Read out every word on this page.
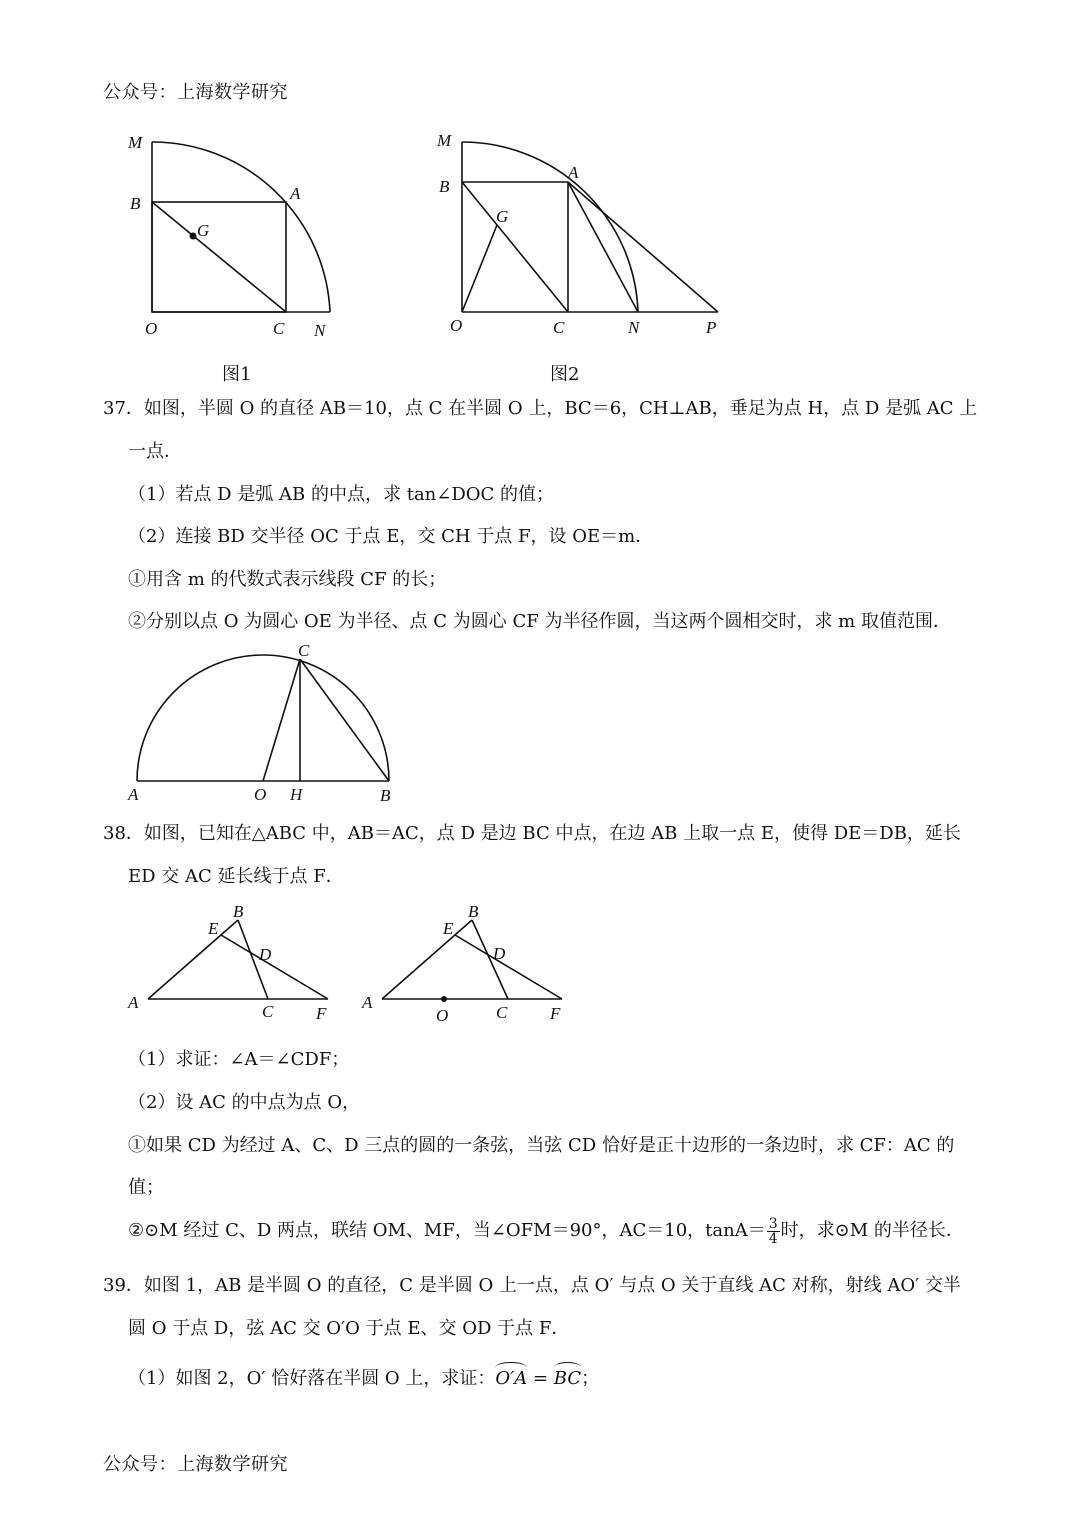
公众号：上海数学研究
M
B
A
G
O	C N
图1
M
B
A
G
O	C	N	P
图2
37．如图，半圆 O 的直径 AB＝10，点 C 在半圆 O 上，BC＝6，CH⊥AB，垂足为点 H，点 D 是弧 AC 上
一点．
（1）若点 D 是弧 AB 的中点，求 tan∠DOC 的值；
（2）连接 BD 交半径 OC 于点 E，交 CH 于点 F，设 OE＝m．
①用含 m 的代数式表示线段 CF 的长；
②分别以点 O 为圆心 OE 为半径、点 C 为圆心 CF 为半径作圆，当这两个圆相交时，求 m 取值范围．
C
A	O H	B
38．如图，已知在△ABC 中，AB＝AC，点 D 是边 BC 中点，在边 AB 上取一点 E，使得 DE＝DB，延长
ED 交 AC 延长线于点 F．
B
E
D
A	C	F
B
E
D
A
O	C	F
（1）求证：∠A＝∠CDF；
（2）设 AC 的中点为点 O，
①如果 CD 为经过 A、C、D 三点的圆的一条弦，当弦 CD 恰好是正十边形的一条边时，求 CF：AC 的
值；
②⊙M 经过 C、D 两点，联结 OM、MF，当∠OFM＝90°，AC＝10，$\tan A= \frac{3}{4}$ 时，求⊙M 的半径长．
39．如图 1，AB 是半圆 O 的直径，C 是半圆 O 上一点，点 O′ 与点 O 关于直线 AC 对称，射线 AO′ 交半
圆 O 于点 D，弦 AC 交 O′O 于点 E、交 OD 于点 F．
（1）如图 2，O′ 恰好落在半圆 O 上，求证：O′A = BC；
公众号：上海数学研究
